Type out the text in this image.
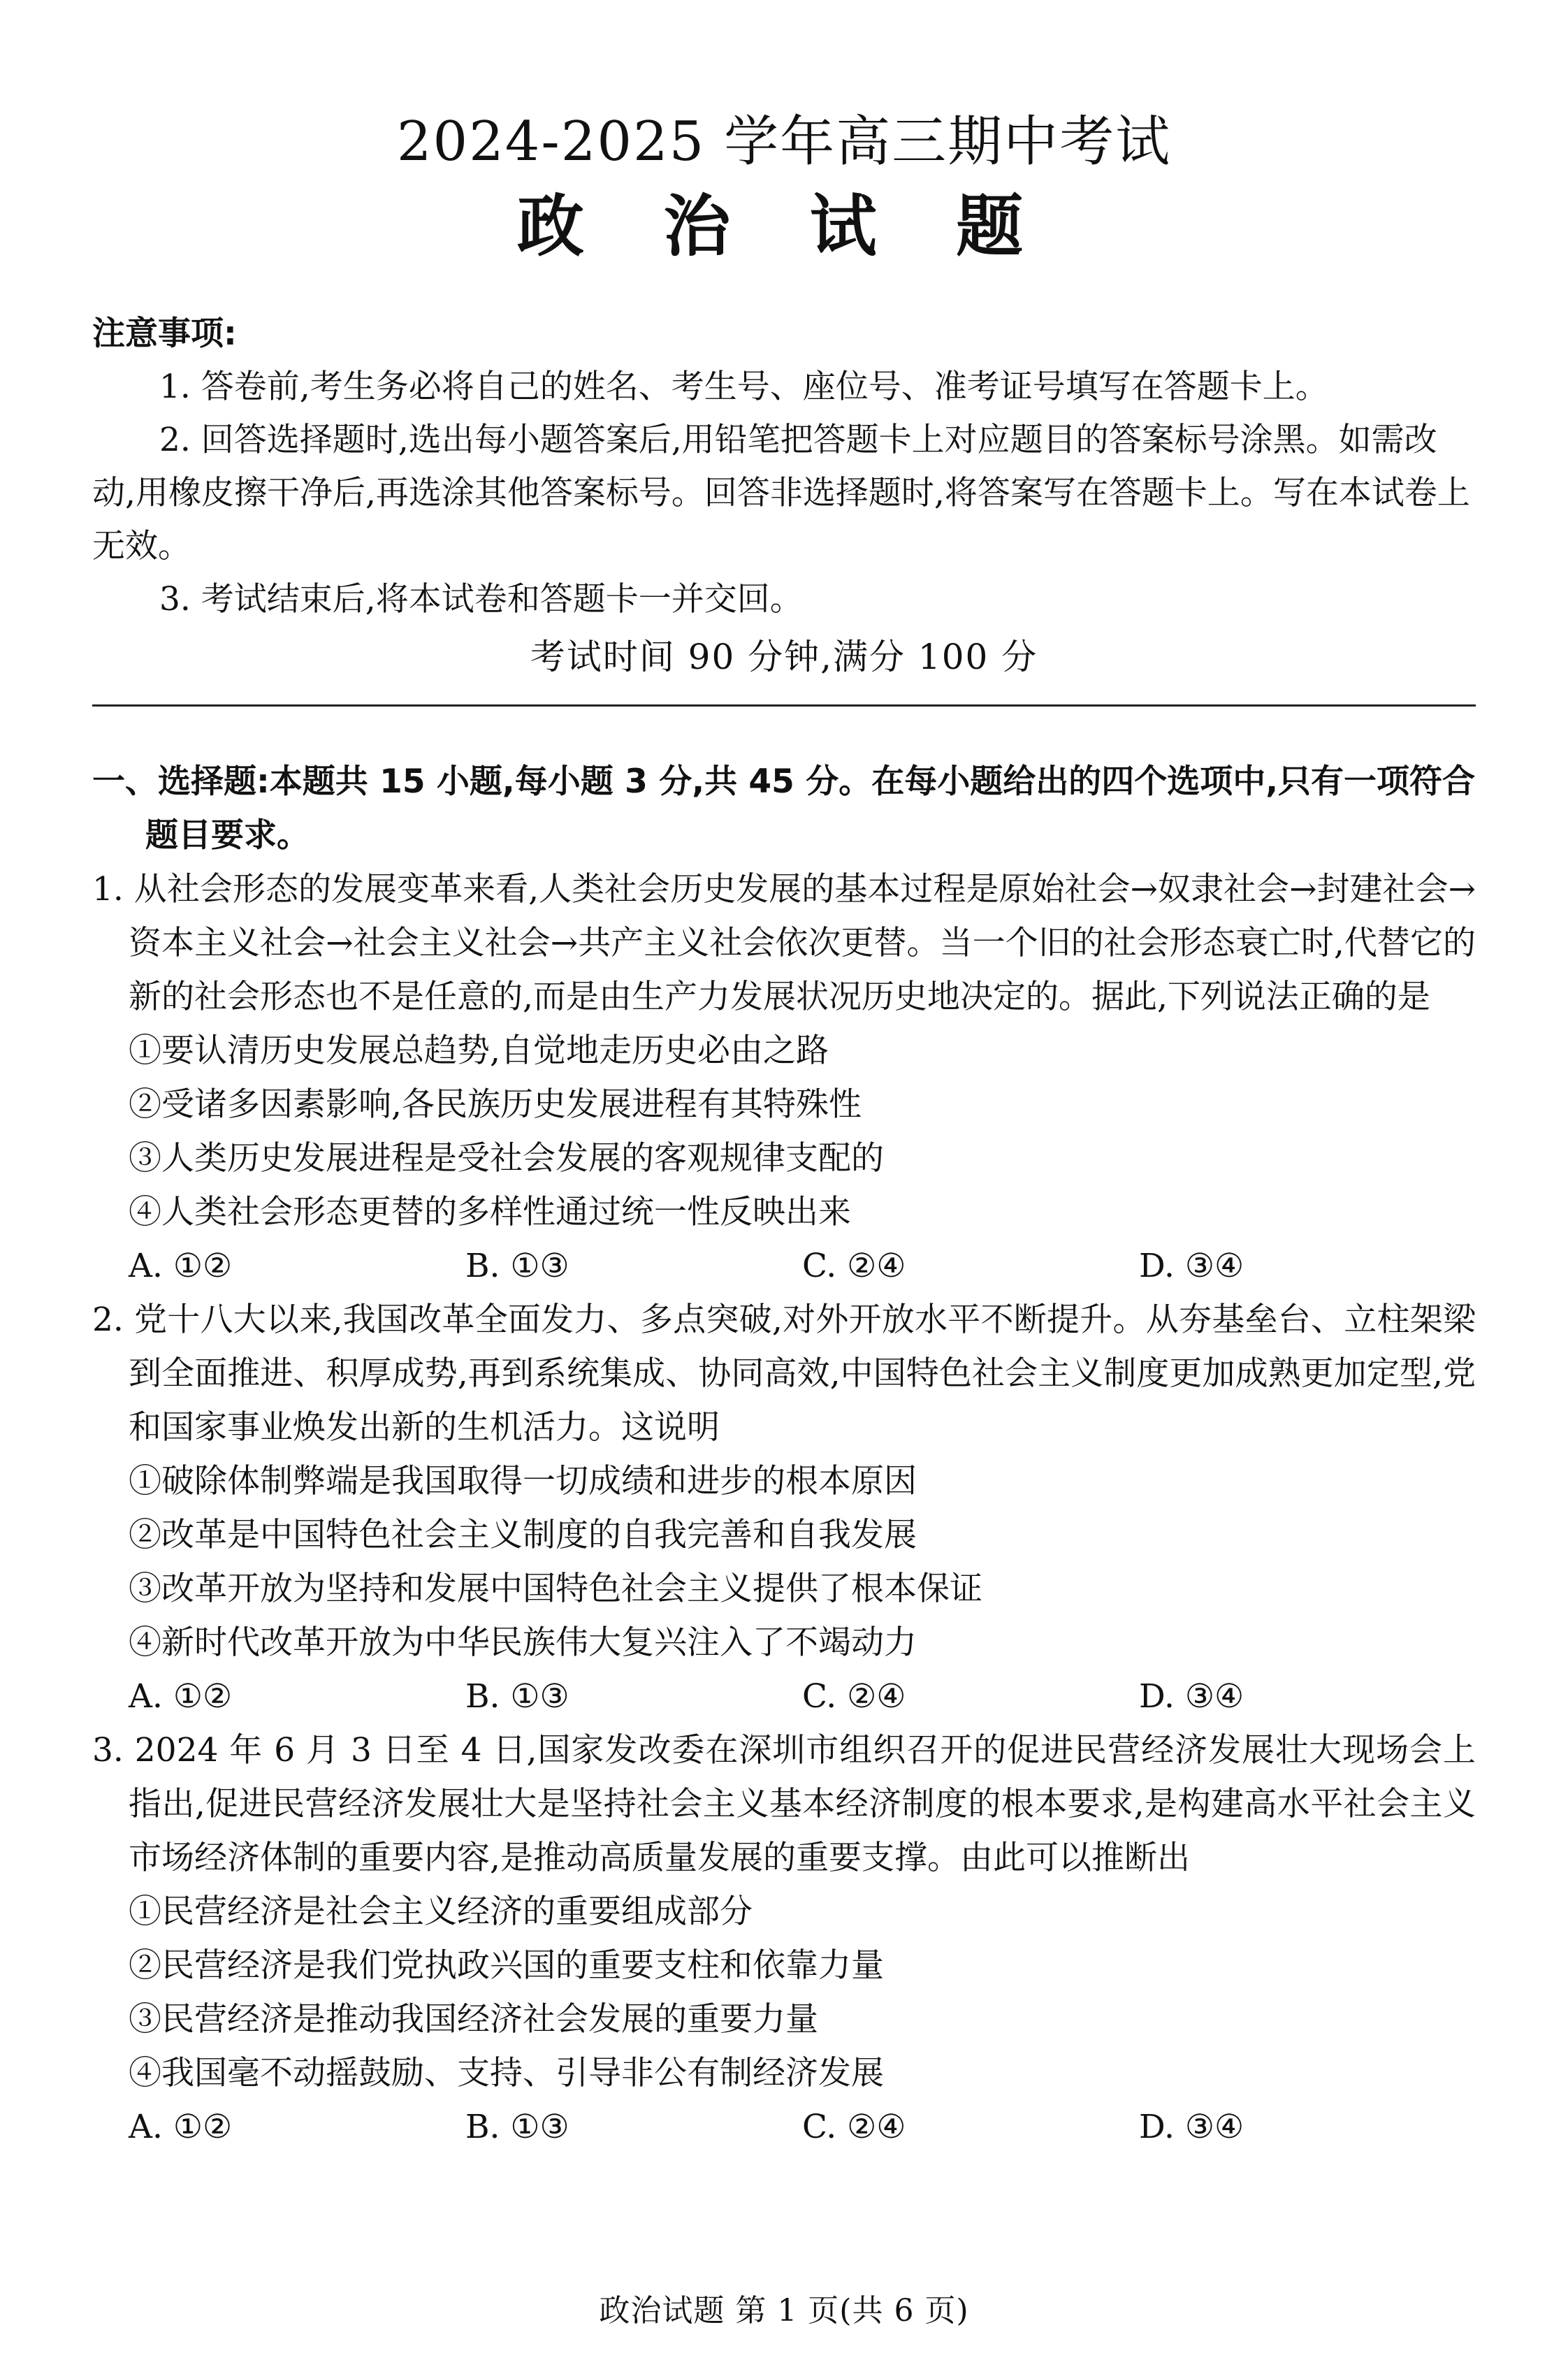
2024-2025 学年高三期中考试
政 治 试 题
注意事项:
1. 答卷前,考生务必将自己的姓名、考生号、座位号、准考证号填写在答题卡上。
2. 回答选择题时,选出每小题答案后,用铅笔把答题卡上对应题目的答案标号涂黑。如需改动,用橡皮擦干净后,再选涂其他答案标号。回答非选择题时,将答案写在答题卡上。写在本试卷上无效。
3. 考试结束后,将本试卷和答题卡一并交回。
考试时间 90 分钟,满分 100 分
一、选择题:本题共 15 小题,每小题 3 分,共 45 分。在每小题给出的四个选项中,只有一项符合题目要求。
1. 从社会形态的发展变革来看,人类社会历史发展的基本过程是原始社会→奴隶社会→封建社会→资本主义社会→社会主义社会→共产主义社会依次更替。当一个旧的社会形态衰亡时,代替它的新的社会形态也不是任意的,而是由生产力发展状况历史地决定的。据此,下列说法正确的是
①要认清历史发展总趋势,自觉地走历史必由之路
②受诸多因素影响,各民族历史发展进程有其特殊性
③人类历史发展进程是受社会发展的客观规律支配的
④人类社会形态更替的多样性通过统一性反映出来
A. ①②	B. ①③	C. ②④	D. ③④
2. 党十八大以来,我国改革全面发力、多点突破,对外开放水平不断提升。从夯基垒台、立柱架梁到全面推进、积厚成势,再到系统集成、协同高效,中国特色社会主义制度更加成熟更加定型,党和国家事业焕发出新的生机活力。这说明
①破除体制弊端是我国取得一切成绩和进步的根本原因
②改革是中国特色社会主义制度的自我完善和自我发展
③改革开放为坚持和发展中国特色社会主义提供了根本保证
④新时代改革开放为中华民族伟大复兴注入了不竭动力
A. ①②	B. ①③	C. ②④	D. ③④
3. 2024 年 6 月 3 日至 4 日,国家发改委在深圳市组织召开的促进民营经济发展壮大现场会上指出,促进民营经济发展壮大是坚持社会主义基本经济制度的根本要求,是构建高水平社会主义市场经济体制的重要内容,是推动高质量发展的重要支撑。由此可以推断出
①民营经济是社会主义经济的重要组成部分
②民营经济是我们党执政兴国的重要支柱和依靠力量
③民营经济是推动我国经济社会发展的重要力量
④我国毫不动摇鼓励、支持、引导非公有制经济发展
A. ①②	B. ①③	C. ②④	D. ③④
政治试题 第 1 页(共 6 页)
